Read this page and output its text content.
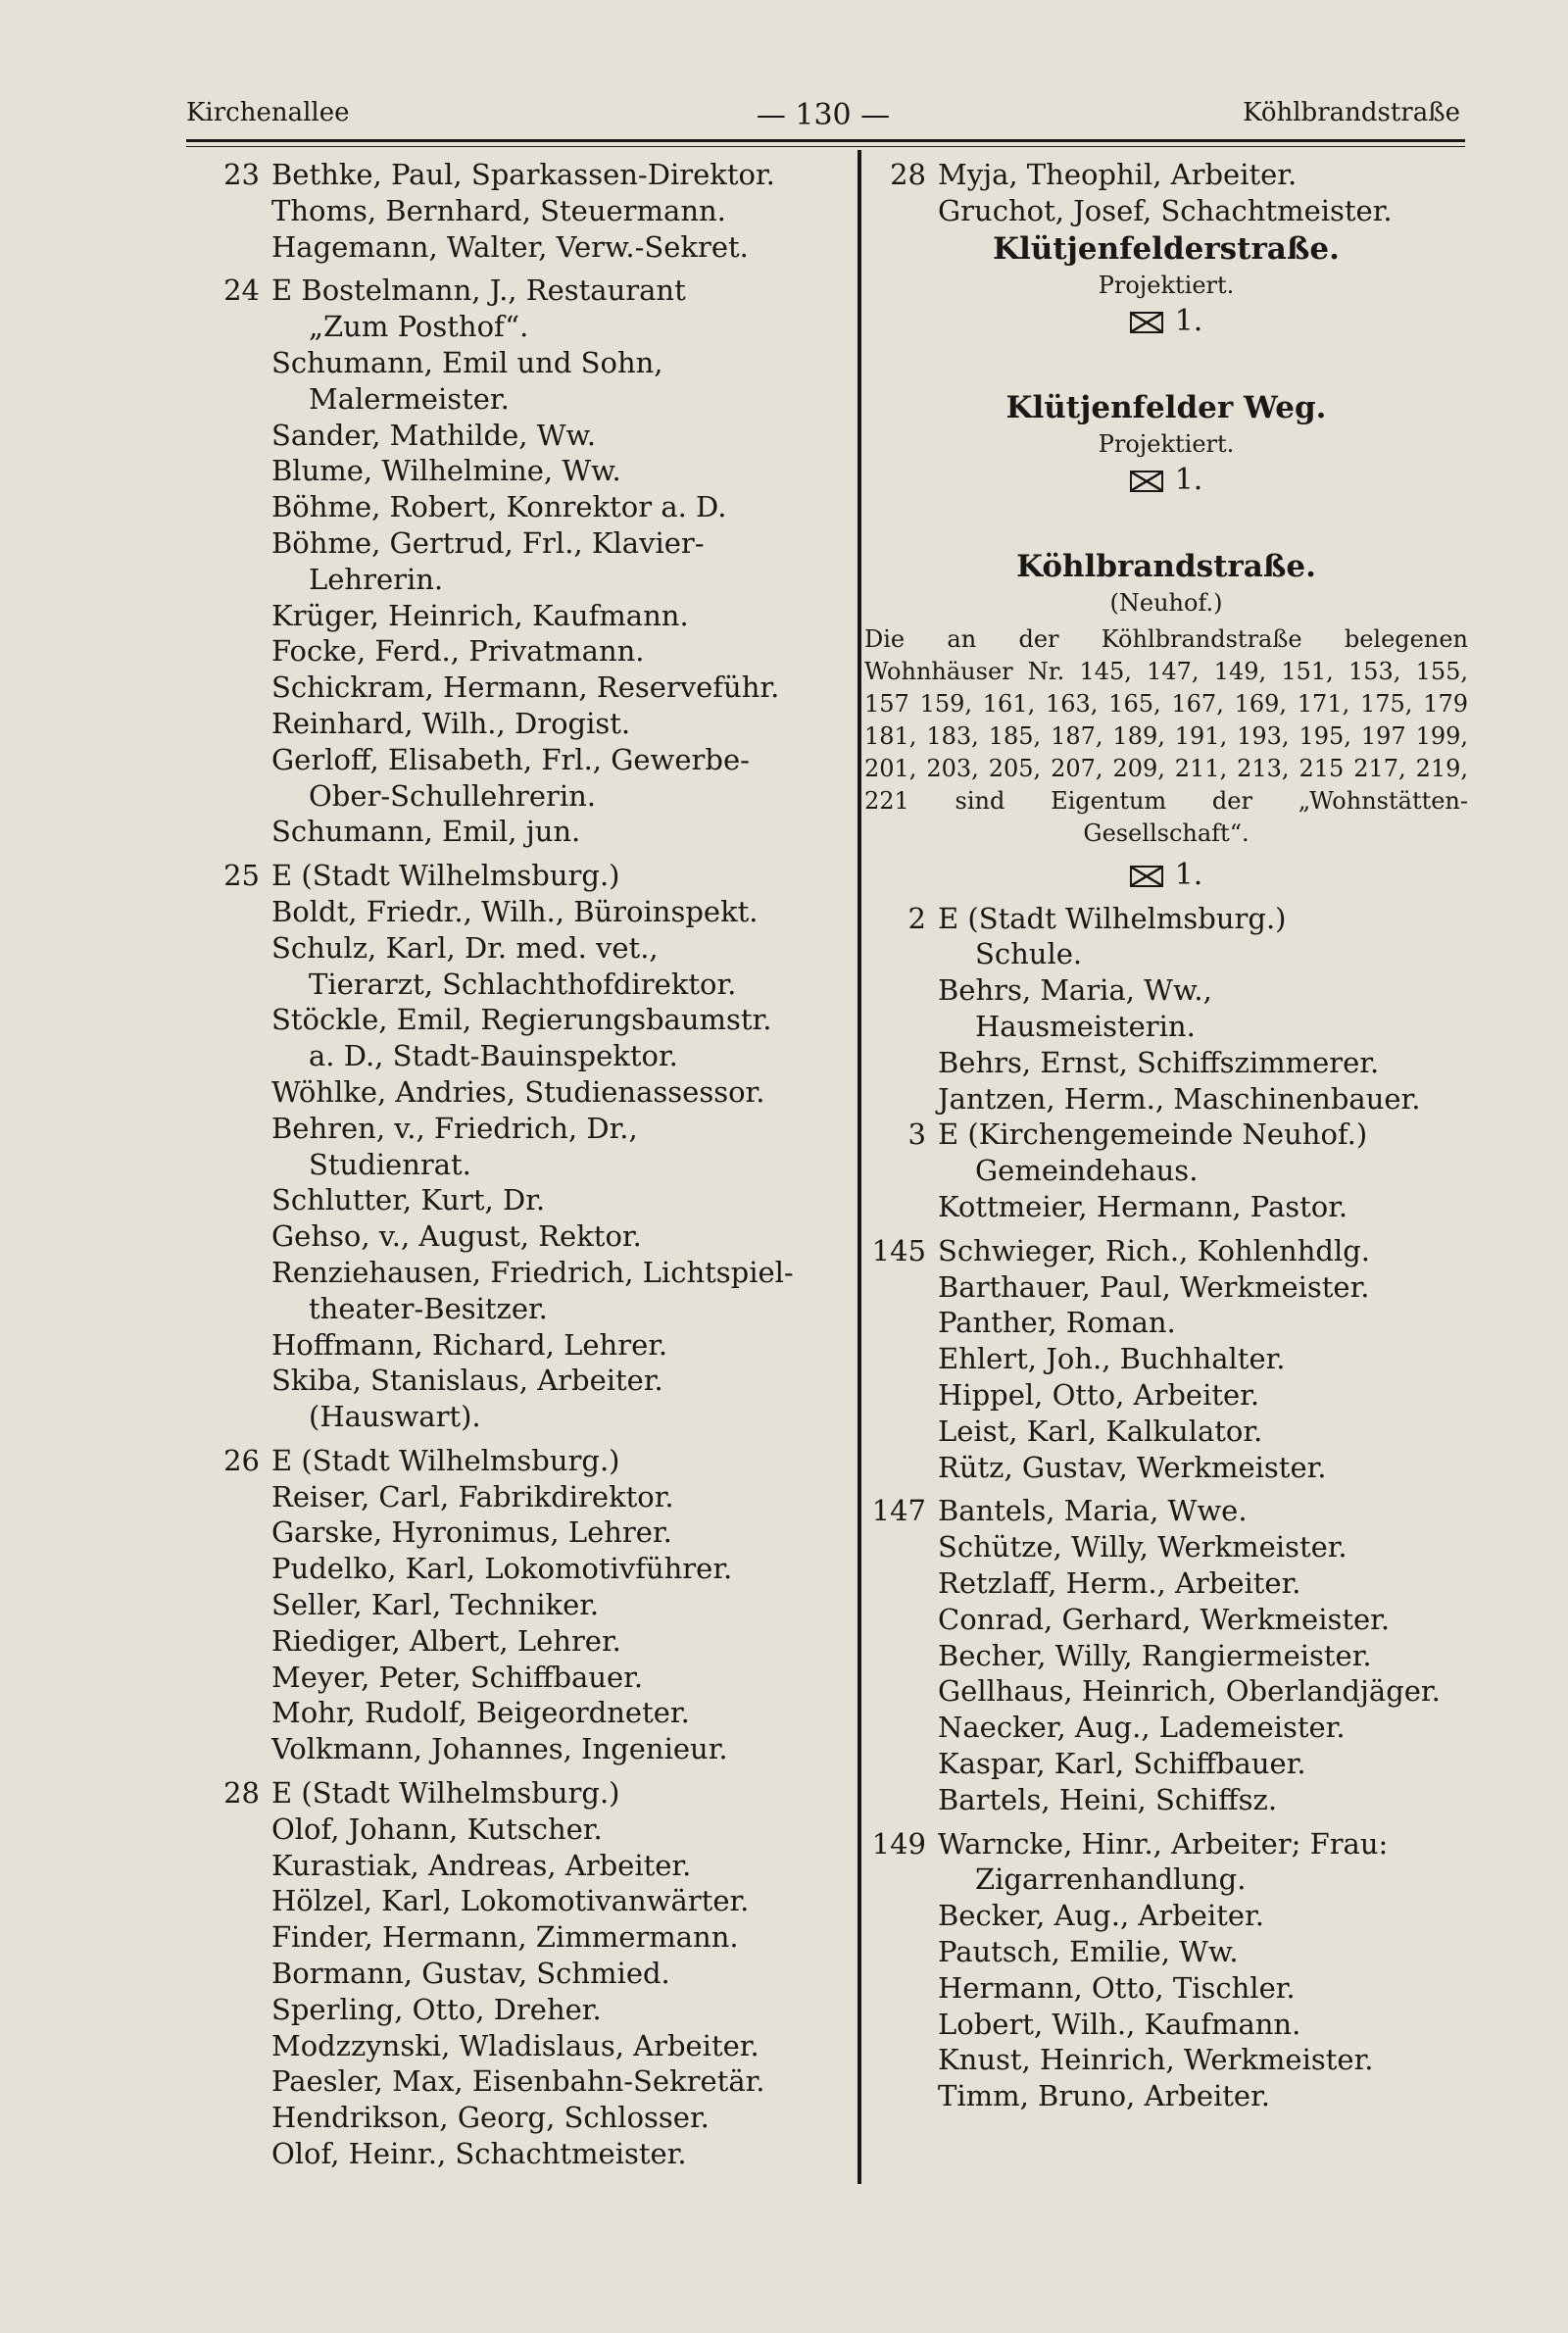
— 130 —
Kirchenallee	Köhlbrandstraße
23 Bethke, Paul, Sparkassen-Direktor.
Thoms, Bernhard, Steuermann.
Hagemann, Walter, Verw.-Sekret.
24 E Bostelmann, J., Restaurant
„Zum Posthof“.
Schumann, Emil und Sohn,
Malermeister.
Sander, Mathilde, Ww.
Blume, Wilhelmine, Ww.
Böhme, Robert, Konrektor a. D.
Böhme, Gertrud, Frl., Klavier-
Lehrerin.
Krüger, Heinrich, Kaufmann.
Focke, Ferd., Privatmann.
Schickram, Hermann, Reserveführ.
Reinhard, Wilh., Drogist.
Gerloff, Elisabeth, Frl., Gewerbe-
Ober-Schullehrerin.
Schumann, Emil, jun.
25 E (Stadt Wilhelmsburg.)
Boldt, Friedr., Wilh., Büroinspekt.
Schulz, Karl, Dr. med. vet.,
Tierarzt, Schlachthofdirektor.
Stöckle, Emil, Regierungsbaumstr.
a. D., Stadt-Bauinspektor.
Wöhlke, Andries, Studienassessor.
Behren, v., Friedrich, Dr.,
Studienrat.
Schlutter, Kurt, Dr.
Gehso, v., August, Rektor.
Renziehausen, Friedrich, Lichtspiel-
theater-Besitzer.
Hoffmann, Richard, Lehrer.
Skiba, Stanislaus, Arbeiter.
(Hauswart).
26 E (Stadt Wilhelmsburg.)
Reiser, Carl, Fabrikdirektor.
Garske, Hyronimus, Lehrer.
Pudelko, Karl, Lokomotivführer.
Seller, Karl, Techniker.
Riediger, Albert, Lehrer.
Meyer, Peter, Schiffbauer.
Mohr, Rudolf, Beigeordneter.
Volkmann, Johannes, Ingenieur.
28 E (Stadt Wilhelmsburg.)
Olof, Johann, Kutscher.
Kurastiak, Andreas, Arbeiter.
Hölzel, Karl, Lokomotivanwärter.
Finder, Hermann, Zimmermann.
Bormann, Gustav, Schmied.
Sperling, Otto, Dreher.
Modzzynski, Wladislaus, Arbeiter.
Paesler, Max, Eisenbahn-Sekretär.
Hendrikson, Georg, Schlosser.
Olof, Heinr., Schachtmeister.
28 Myja, Theophil, Arbeiter.
Gruchot, Josef, Schachtmeister.
Klütjenfelderstraße.
Projektiert.
1.
Klütjenfelder Weg.
Projektiert.
1.
Köhlbrandstraße.
(Neuhof.)
Die an der Köhlbrandstraße belegenen Wohnhäuser Nr. 145, 147, 149, 151, 153, 155, 157 159, 161, 163, 165, 167, 169, 171, 175, 179 181, 183, 185, 187, 189, 191, 193, 195, 197 199, 201, 203, 205, 207, 209, 211, 213, 215 217, 219, 221 sind Eigentum der „Wohnstätten-Gesellschaft“.
1.
2 E (Stadt Wilhelmsburg.)
Schule.
Behrs, Maria, Ww.,
Hausmeisterin.
Behrs, Ernst, Schiffszimmerer.
Jantzen, Herm., Maschinenbauer.
3 E (Kirchengemeinde Neuhof.)
Gemeindehaus.
Kottmeier, Hermann, Pastor.
145 Schwieger, Rich., Kohlenhdlg.
Barthauer, Paul, Werkmeister.
Panther, Roman.
Ehlert, Joh., Buchhalter.
Hippel, Otto, Arbeiter.
Leist, Karl, Kalkulator.
Rütz, Gustav, Werkmeister.
147 Bantels, Maria, Wwe.
Schütze, Willy, Werkmeister.
Retzlaff, Herm., Arbeiter.
Conrad, Gerhard, Werkmeister.
Becher, Willy, Rangiermeister.
Gellhaus, Heinrich, Oberlandjäger.
Naecker, Aug., Lademeister.
Kaspar, Karl, Schiffbauer.
Bartels, Heini, Schiffsz.
149 Warncke, Hinr., Arbeiter; Frau:
Zigarrenhandlung.
Becker, Aug., Arbeiter.
Pautsch, Emilie, Ww.
Hermann, Otto, Tischler.
Lobert, Wilh., Kaufmann.
Knust, Heinrich, Werkmeister.
Timm, Bruno, Arbeiter.
